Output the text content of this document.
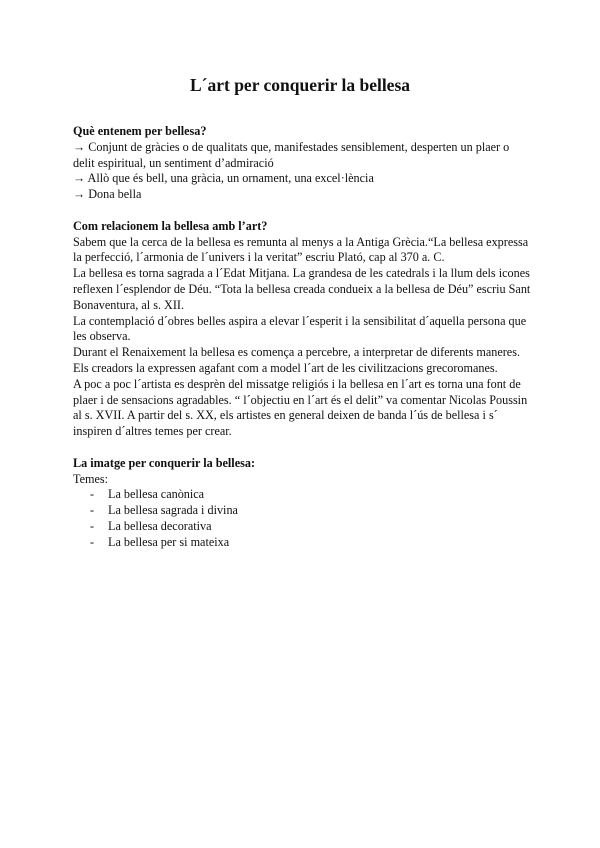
L´art per conquerir la bellesa

Què entenem per bellesa?

→ Conjunt de gràcies o de qualitats que, manifestades sensiblement, desperten un plaer o

delit espiritual, un sentiment d’admiració

→ Allò que és bell, una gràcia, un ornament, una excel·lència

→ Dona bella

Com relacionem la bellesa amb l’art?

Sabem que la cerca de la bellesa es remunta al menys a la Antiga Grècia.“La bellesa expressa

la perfecció, l´armonia de l´univers i la veritat” escriu Plató, cap al 370 a. C.

La bellesa es torna sagrada a l´Edat Mitjana. La grandesa de les catedrals i la llum dels icones

reflexen l´esplendor de Déu. “Tota la bellesa creada condueix a la bellesa de Déu” escriu Sant

Bonaventura, al s. XII.

La contemplació d´obres belles aspira a elevar l´esperit i la sensibilitat d´aquella persona que

les observa.

Durant el Renaixement la bellesa es comença a percebre, a interpretar de diferents maneres.

Els creadors la expressen agafant com a model l´art de les civilitzacions grecoromanes.

A poc a poc l´artista es desprèn del missatge religiós i la bellesa en l´art es torna una font de

plaer i de sensacions agradables. “ l´objectiu en l´art és el delit” va comentar Nicolas Poussin

al s. XVII. A partir del s. XX, els artistes en general deixen de banda l´ús de bellesa i s´

inspiren d´altres temes per crear.

La imatge per conquerir la bellesa:

Temes:

- La bellesa canònica
- La bellesa sagrada i divina
- La bellesa decorativa
- La bellesa per si mateixa
